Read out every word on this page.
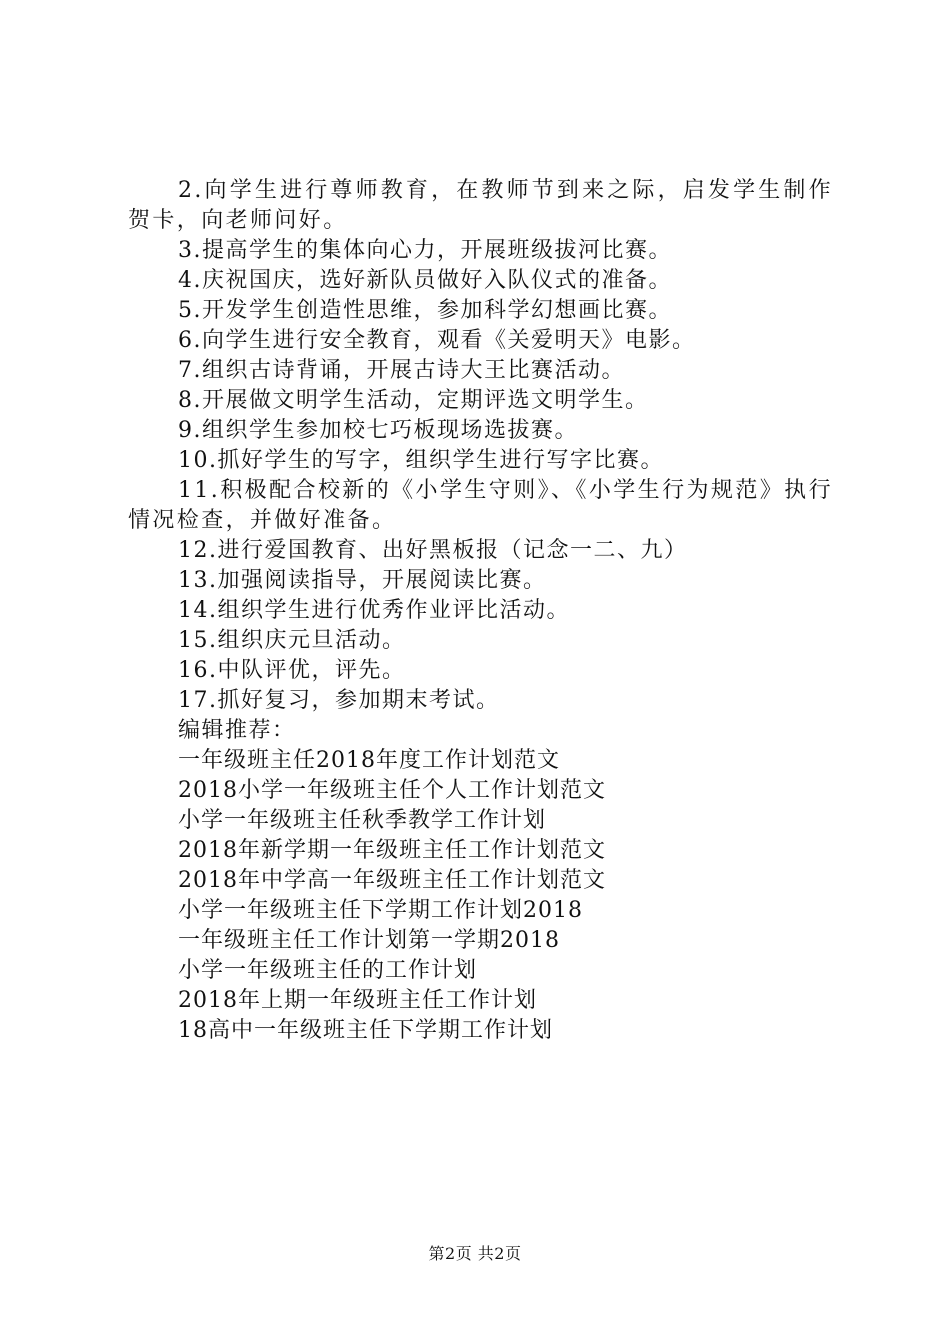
2.向学生进行尊师教育，在教师节到来之际，启发学生制作贺卡，向老师问好。

3.提高学生的集体向心力，开展班级拔河比赛。

4.庆祝国庆，选好新队员做好入队仪式的准备。

5.开发学生创造性思维，参加科学幻想画比赛。

6.向学生进行安全教育，观看《关爱明天》电影。

7.组织古诗背诵，开展古诗大王比赛活动。

8.开展做文明学生活动，定期评选文明学生。

9.组织学生参加校七巧板现场选拔赛。

10.抓好学生的写字，组织学生进行写字比赛。

11.积极配合校新的《小学生守则》、《小学生行为规范》执行情况检查，并做好准备。

12.进行爱国教育、出好黑板报（记念一二、九）

13.加强阅读指导，开展阅读比赛。

14.组织学生进行优秀作业评比活动。

15.组织庆元旦活动。

16.中队评优，评先。

17.抓好复习，参加期末考试。

编辑推荐：

一年级班主任2018年度工作计划范文

2018小学一年级班主任个人工作计划范文

小学一年级班主任秋季教学工作计划

2018年新学期一年级班主任工作计划范文

2018年中学高一年级班主任工作计划范文

小学一年级班主任下学期工作计划2018

一年级班主任工作计划第一学期2018

小学一年级班主任的工作计划

2018年上期一年级班主任工作计划

18高中一年级班主任下学期工作计划

第2页 共2页
